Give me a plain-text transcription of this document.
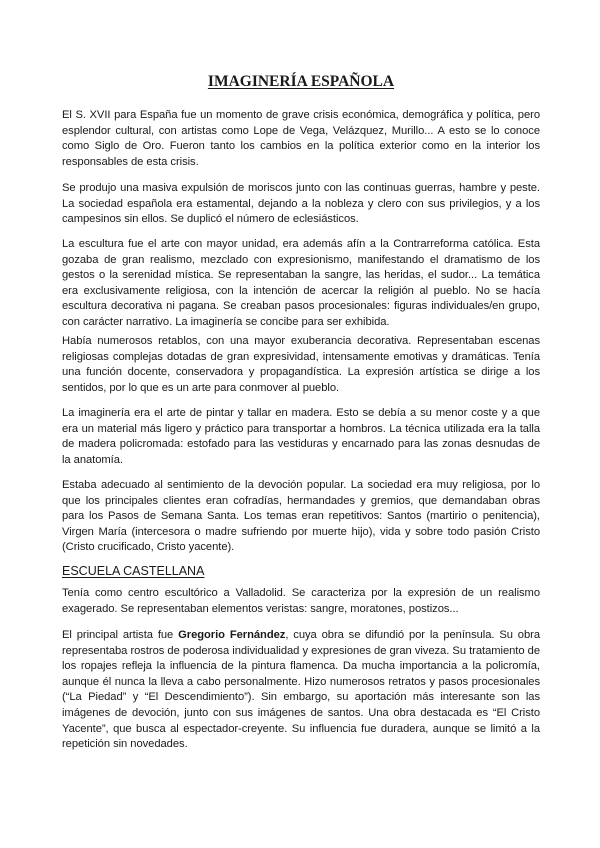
IMAGINERÍA ESPAÑOLA

El S. XVII para España fue un momento de grave crisis económica, demográfica y política, pero esplendor cultural, con artistas como Lope de Vega, Velázquez, Murillo... A esto se lo conoce como Siglo de Oro. Fueron tanto los cambios en la política exterior como en la interior los responsables de esta crisis.

Se produjo una masiva expulsión de moriscos junto con las continuas guerras, hambre y peste. La sociedad española era estamental, dejando a la nobleza y clero con sus privilegios, y a los campesinos sin ellos. Se duplicó el número de eclesiásticos.

La escultura fue el arte con mayor unidad, era además afín a la Contrarreforma católica. Esta gozaba de gran realismo, mezclado con expresionismo, manifestando el dramatismo de los gestos o la serenidad mística. Se representaban la sangre, las heridas, el sudor... La temática era exclusivamente religiosa, con la intención de acercar la religión al pueblo. No se hacía escultura decorativa ni pagana. Se creaban pasos procesionales: figuras individuales/en grupo, con carácter narrativo. La imaginería se concibe para ser exhibida.

Había numerosos retablos, con una mayor exuberancia decorativa. Representaban escenas religiosas complejas dotadas de gran expresividad, intensamente emotivas y dramáticas. Tenía una función docente, conservadora y propagandística. La expresión artística se dirige a los sentidos, por lo que es un arte para conmover al pueblo.

La imaginería era el arte de pintar y tallar en madera. Esto se debía a su menor coste y a que era un material más ligero y práctico para transportar a hombros. La técnica utilizada era la talla de madera policromada: estofado para las vestiduras y encarnado para las zonas desnudas de la anatomía.

Estaba adecuado al sentimiento de la devoción popular. La sociedad era muy religiosa, por lo que los principales clientes eran cofradías, hermandades y gremios, que demandaban obras para los Pasos de Semana Santa. Los temas eran repetitivos: Santos (martirio o penitencia), Virgen María (intercesora o madre sufriendo por muerte hijo), vida y sobre todo pasión Cristo (Cristo crucificado, Cristo yacente).

ESCUELA CASTELLANA

Tenía como centro escultórico a Valladolid. Se caracteriza por la expresión de un realismo exagerado. Se representaban elementos veristas: sangre, moratones, postizos...

El principal artista fue Gregorio Fernández, cuya obra se difundió por la península. Su obra representaba rostros de poderosa individualidad y expresiones de gran viveza. Su tratamiento de los ropajes refleja la influencia de la pintura flamenca. Da mucha importancia a la policromía, aunque él nunca la lleva a cabo personalmente. Hizo numerosos retratos y pasos procesionales (“La Piedad” y “El Descendimiento”). Sin embargo, su aportación más interesante son las imágenes de devoción, junto con sus imágenes de santos. Una obra destacada es “El Cristo Yacente”, que busca al espectador-creyente. Su influencia fue duradera, aunque se limitó a la repetición sin novedades.
